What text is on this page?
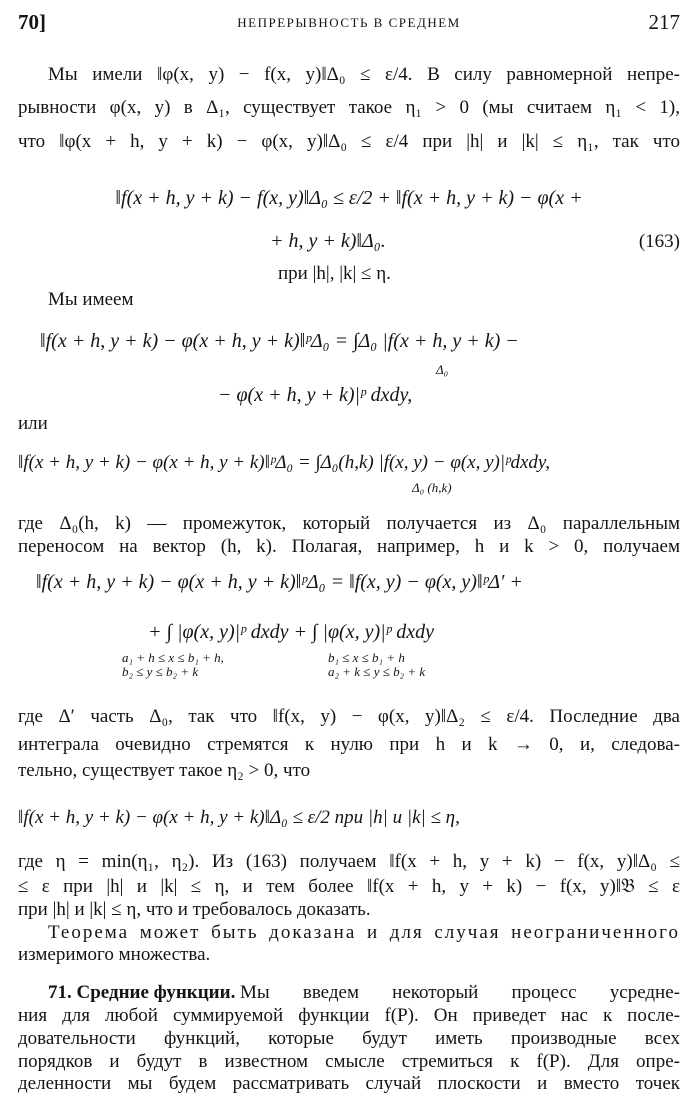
70]	НЕПРЕРЫВНОСТЬ В СРЕДНЕМ	217
Мы имели ‖φ(x, y) − f(x, y)‖Δ₀ ≤ ε/4. В силу равномерной непре-
рывности φ(x, y) в Δ₁, существует такое η₁ > 0 (мы считаем η₁ < 1),
что ‖φ(x + h, y + k) − φ(x, y)‖Δ₀ ≤ ε/4 при |h| и |k| ≤ η₁, так что
‖f(x + h, y + k) − f(x, y)‖Δ₀ ≤ ε/2 + ‖f(x + h, y + k) − φ(x +
+ h, y + k)‖Δ₀.	(163)
при |h|, |k| ≤ η.
Мы имеем
‖f(x + h, y + k) − φ(x + h, y + k)‖ᵖΔ₀ = ∫Δ₀ |f(x + h, y + k) −
Δ₀
− φ(x + h, y + k)|ᵖ dxdy,
или
‖f(x + h, y + k) − φ(x + h, y + k)‖ᵖΔ₀ = ∫Δ₀(h,k) |f(x, y) − φ(x, y)|ᵖdxdy,
Δ₀ (h,k)
где Δ₀(h, k) — промежуток, который получается из Δ₀ параллельным
переносом на вектор (h, k). Полагая, например, h и k > 0, получаем
‖f(x + h, y + k) − φ(x + h, y + k)‖ᵖΔ₀ = ‖f(x, y) − φ(x, y)‖ᵖΔ′ +
+ ∫ |φ(x, y)|ᵖ dxdy + ∫ |φ(x, y)|ᵖ dxdy
a₁ + h ≤ x ≤ b₁ + h,
b₂ ≤ y ≤ b₂ + k
b₁ ≤ x ≤ b₁ + h
a₂ + k ≤ y ≤ b₂ + k
где Δ′ часть Δ₀, так что ‖f(x, y) − φ(x, y)‖Δ₂ ≤ ε/4. Последние два
интеграла очевидно стремятся к нулю при h и k → 0, и, следова-
тельно, существует такое η₂ > 0, что
‖f(x + h, y + k) − φ(x + h, y + k)‖Δ₀ ≤ ε/2 при |h| и |k| ≤ η,
где η = min(η₁, η₂). Из (163) получаем ‖f(x + h, y + k) − f(x, y)‖Δ₀ ≤
≤ ε при |h| и |k| ≤ η, и тем более ‖f(x + h, y + k) − f(x, y)‖𝔅 ≤ ε
при |h| и |k| ≤ η, что и требовалось доказать.
Теорема может быть доказана и для случая неограниченного
измеримого множества.
71. Средние функции. Мы введем некоторый процесс усредне-
ния для любой суммируемой функции f(P). Он приведет нас к после-
довательности функций, которые будут иметь производные всех
порядков и будут в известном смысле стремиться к f(P). Для опре-
деленности мы будем рассматривать случай плоскости и вместо точек
